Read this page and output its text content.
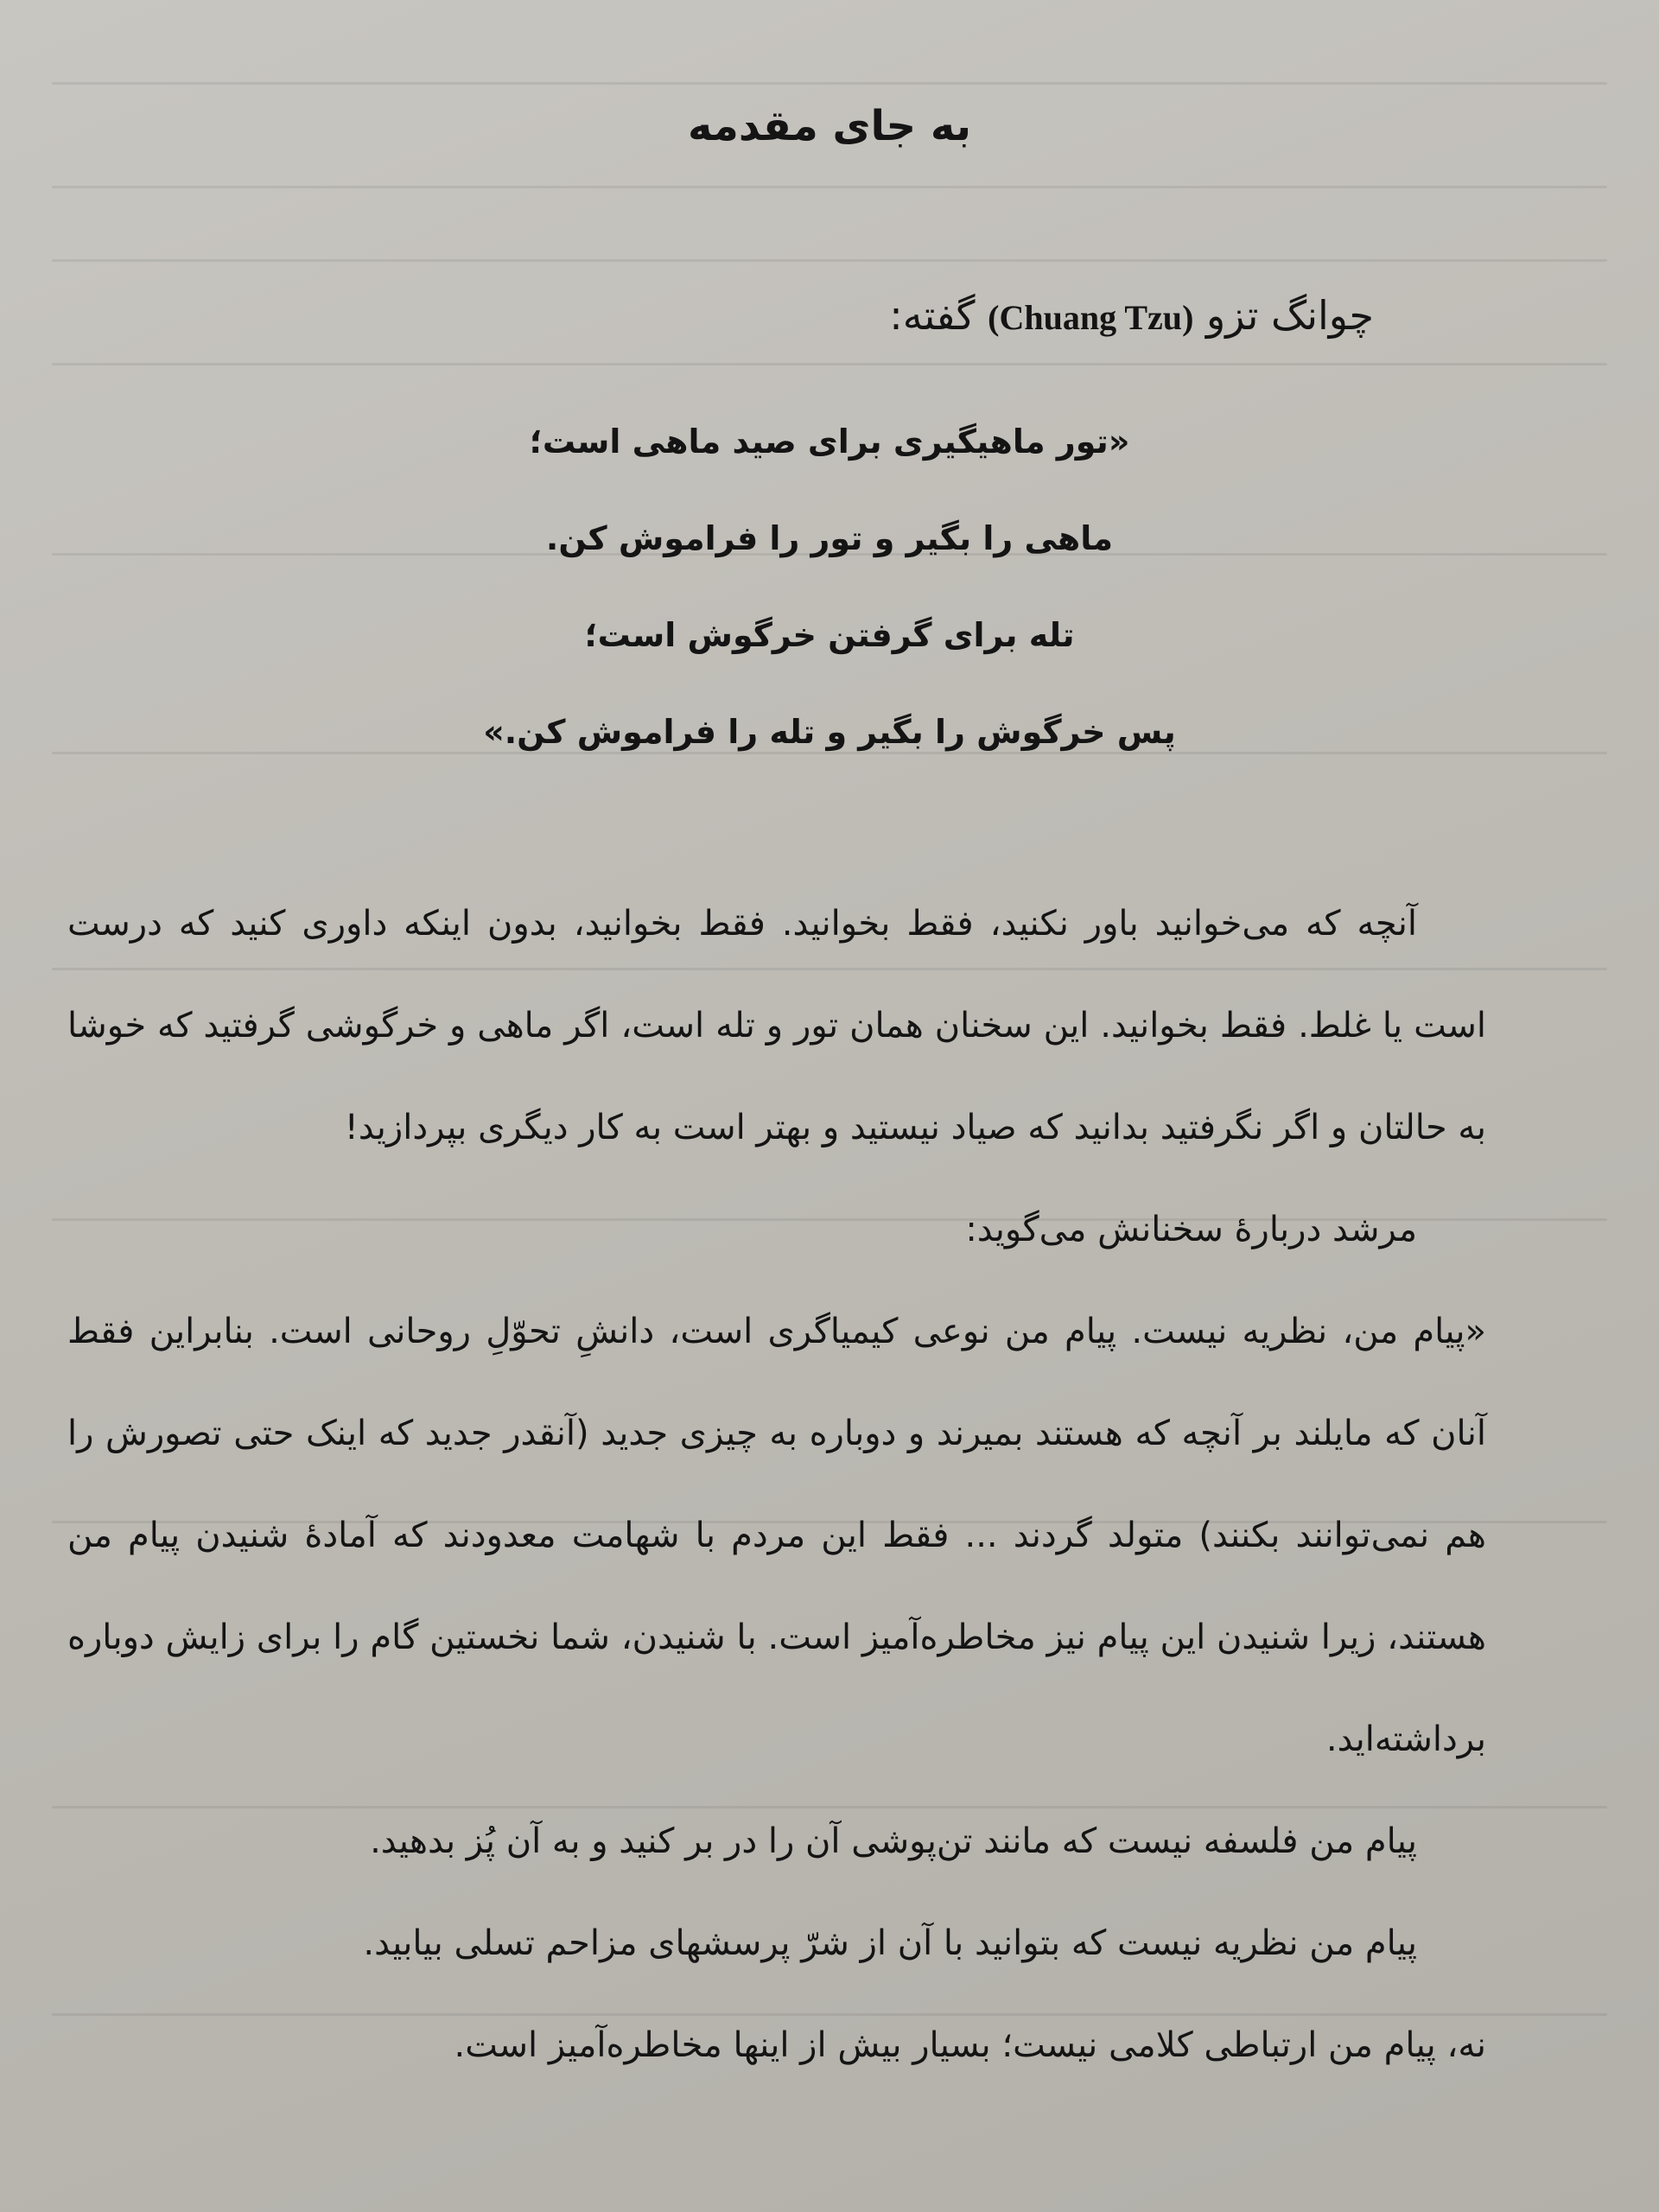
به جای مقدمه

چوانگ تزو (Chuang Tzu) گفته:

«تور ماهیگیری برای صید ماهی است؛
ماهی را بگیر و تور را فراموش کن.
تله برای گرفتن خرگوش است؛
پس خرگوش را بگیر و تله را فراموش کن.»

آنچه که می‌خوانید باور نکنید، فقط بخوانید. فقط بخوانید، بدون اینکه داوری کنید که درست است یا غلط. فقط بخوانید. این سخنان همان تور و تله است، اگر ماهی و خرگوشی گرفتید که خوشا به حالتان و اگر نگرفتید بدانید که صیاد نیستید و بهتر است به کار دیگری بپردازید!

مرشد دربارهٔ سخنانش می‌گوید:

«پیام من، نظریه نیست. پیام من نوعی کیمیاگری است، دانشِ تحوّلِ روحانی است. بنابراین فقط آنان که مایلند بر آنچه که هستند بمیرند و دوباره به چیزی جدید (آنقدر جدید که اینک حتی تصورش را هم نمی‌توانند بکنند) متولد گردند ... فقط این مردم با شهامت معدودند که آمادهٔ شنیدن پیام من هستند، زیرا شنیدن این پیام نیز مخاطره‌آمیز است. با شنیدن، شما نخستین گام را برای زایش دوباره برداشته‌اید.

پیام من فلسفه نیست که مانند تن‌پوشی آن را در بر کنید و به آن پُز بدهید.

پیام من نظریه نیست که بتوانید با آن از شرّ پرسشهای مزاحم تسلی بیابید.

نه، پیام من ارتباطی کلامی نیست؛ بسیار بیش از اینها مخاطره‌آمیز است.
